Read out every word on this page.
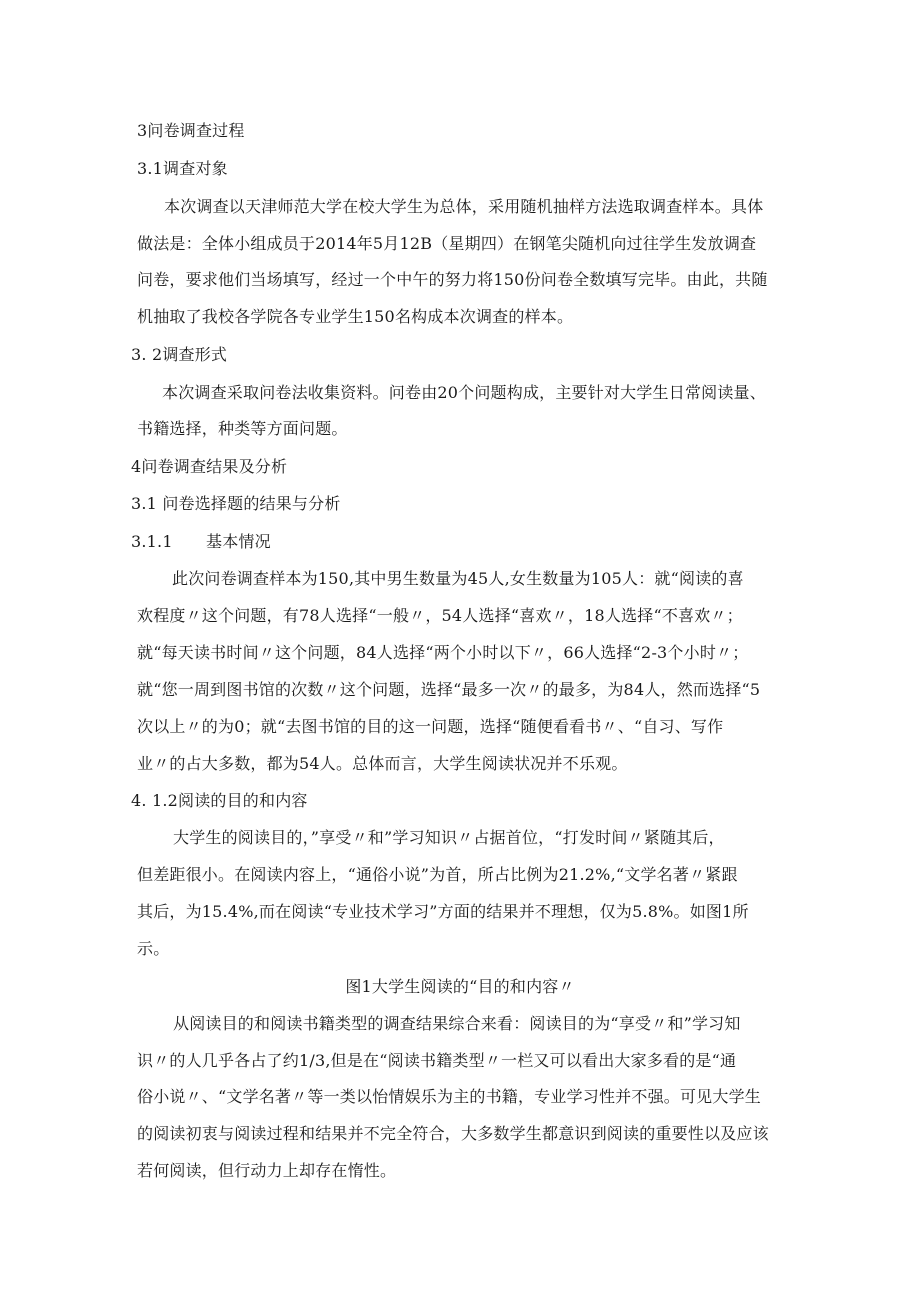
3问卷调查过程
3.1调查对象
本次调查以天津师范大学在校大学生为总体，采用随机抽样方法选取调查样本。具体
做法是：全体小组成员于2014年5月12B（星期四）在钢笔尖随机向过往学生发放调查
问卷，要求他们当场填写，经过一个中午的努力将150份问卷全数填写完毕。由此，共随
机抽取了我校各学院各专业学生150名构成本次调查的样本。
3. 2调查形式
本次调查采取问卷法收集资料。问卷由20个问题构成，主要针对大学生日常阅读量、
书籍选择，种类等方面问题。
4问卷调查结果及分析
3.1 问卷选择题的结果与分析
3.1.1 基本情况
此次问卷调查样本为150,其中男生数量为45人,女生数量为105人：就“阅读的喜
欢程度〃这个问题，有78人选择“一般〃，54人选择“喜欢〃，18人选择“不喜欢〃；
就“每天读书时间〃这个问题，84人选择“两个小时以下〃，66人选择“2-3个小时〃；
就“您一周到图书馆的次数〃这个问题，选择“最多一次〃的最多，为84人，然而选择“5
次以上〃的为0；就“去图书馆的目的这一问题，选择“随便看看书〃、“自习、写作
业〃的占大多数，都为54人。总体而言，大学生阅读状况并不乐观。
4. 1.2阅读的目的和内容
大学生的阅读目的，”享受〃和”学习知识〃占据首位，“打发时间〃紧随其后，
但差距很小。在阅读内容上，“通俗小说”为首，所占比例为21.2%,“文学名著〃紧跟
其后，为15.4%,而在阅读“专业技术学习”方面的结果并不理想，仅为5.8%。如图1所
示。
图1大学生阅读的“目的和内容〃
从阅读目的和阅读书籍类型的调查结果综合来看：阅读目的为“享受〃和”学习知
识〃的人几乎各占了约1/3,但是在“阅读书籍类型〃一栏又可以看出大家多看的是“通
俗小说〃、“文学名著〃等一类以怡情娱乐为主的书籍，专业学习性并不强。可见大学生
的阅读初衷与阅读过程和结果并不完全符合，大多数学生都意识到阅读的重要性以及应该
若何阅读，但行动力上却存在惰性。
